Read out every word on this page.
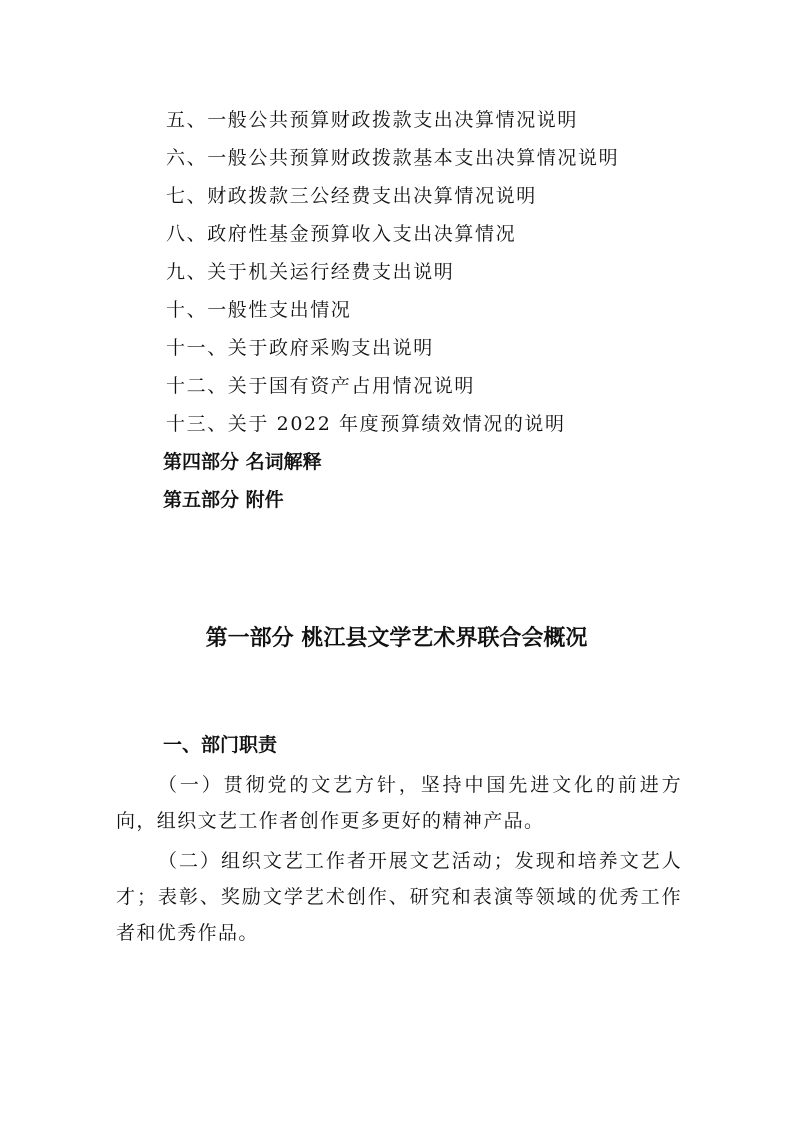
五、一般公共预算财政拨款支出决算情况说明
六、一般公共预算财政拨款基本支出决算情况说明
七、财政拨款三公经费支出决算情况说明
八、政府性基金预算收入支出决算情况
九、关于机关运行经费支出说明
十、一般性支出情况
十一、关于政府采购支出说明
十二、关于国有资产占用情况说明
十三、关于 2022 年度预算绩效情况的说明
第四部分 名词解释
第五部分 附件
第一部分 桃江县文学艺术界联合会概况
一、部门职责

（一）贯彻党的文艺方针，坚持中国先进文化的前进方向，组织文艺工作者创作更多更好的精神产品。

（二）组织文艺工作者开展文艺活动；发现和培养文艺人才；表彰、奖励文学艺术创作、研究和表演等领域的优秀工作者和优秀作品。
